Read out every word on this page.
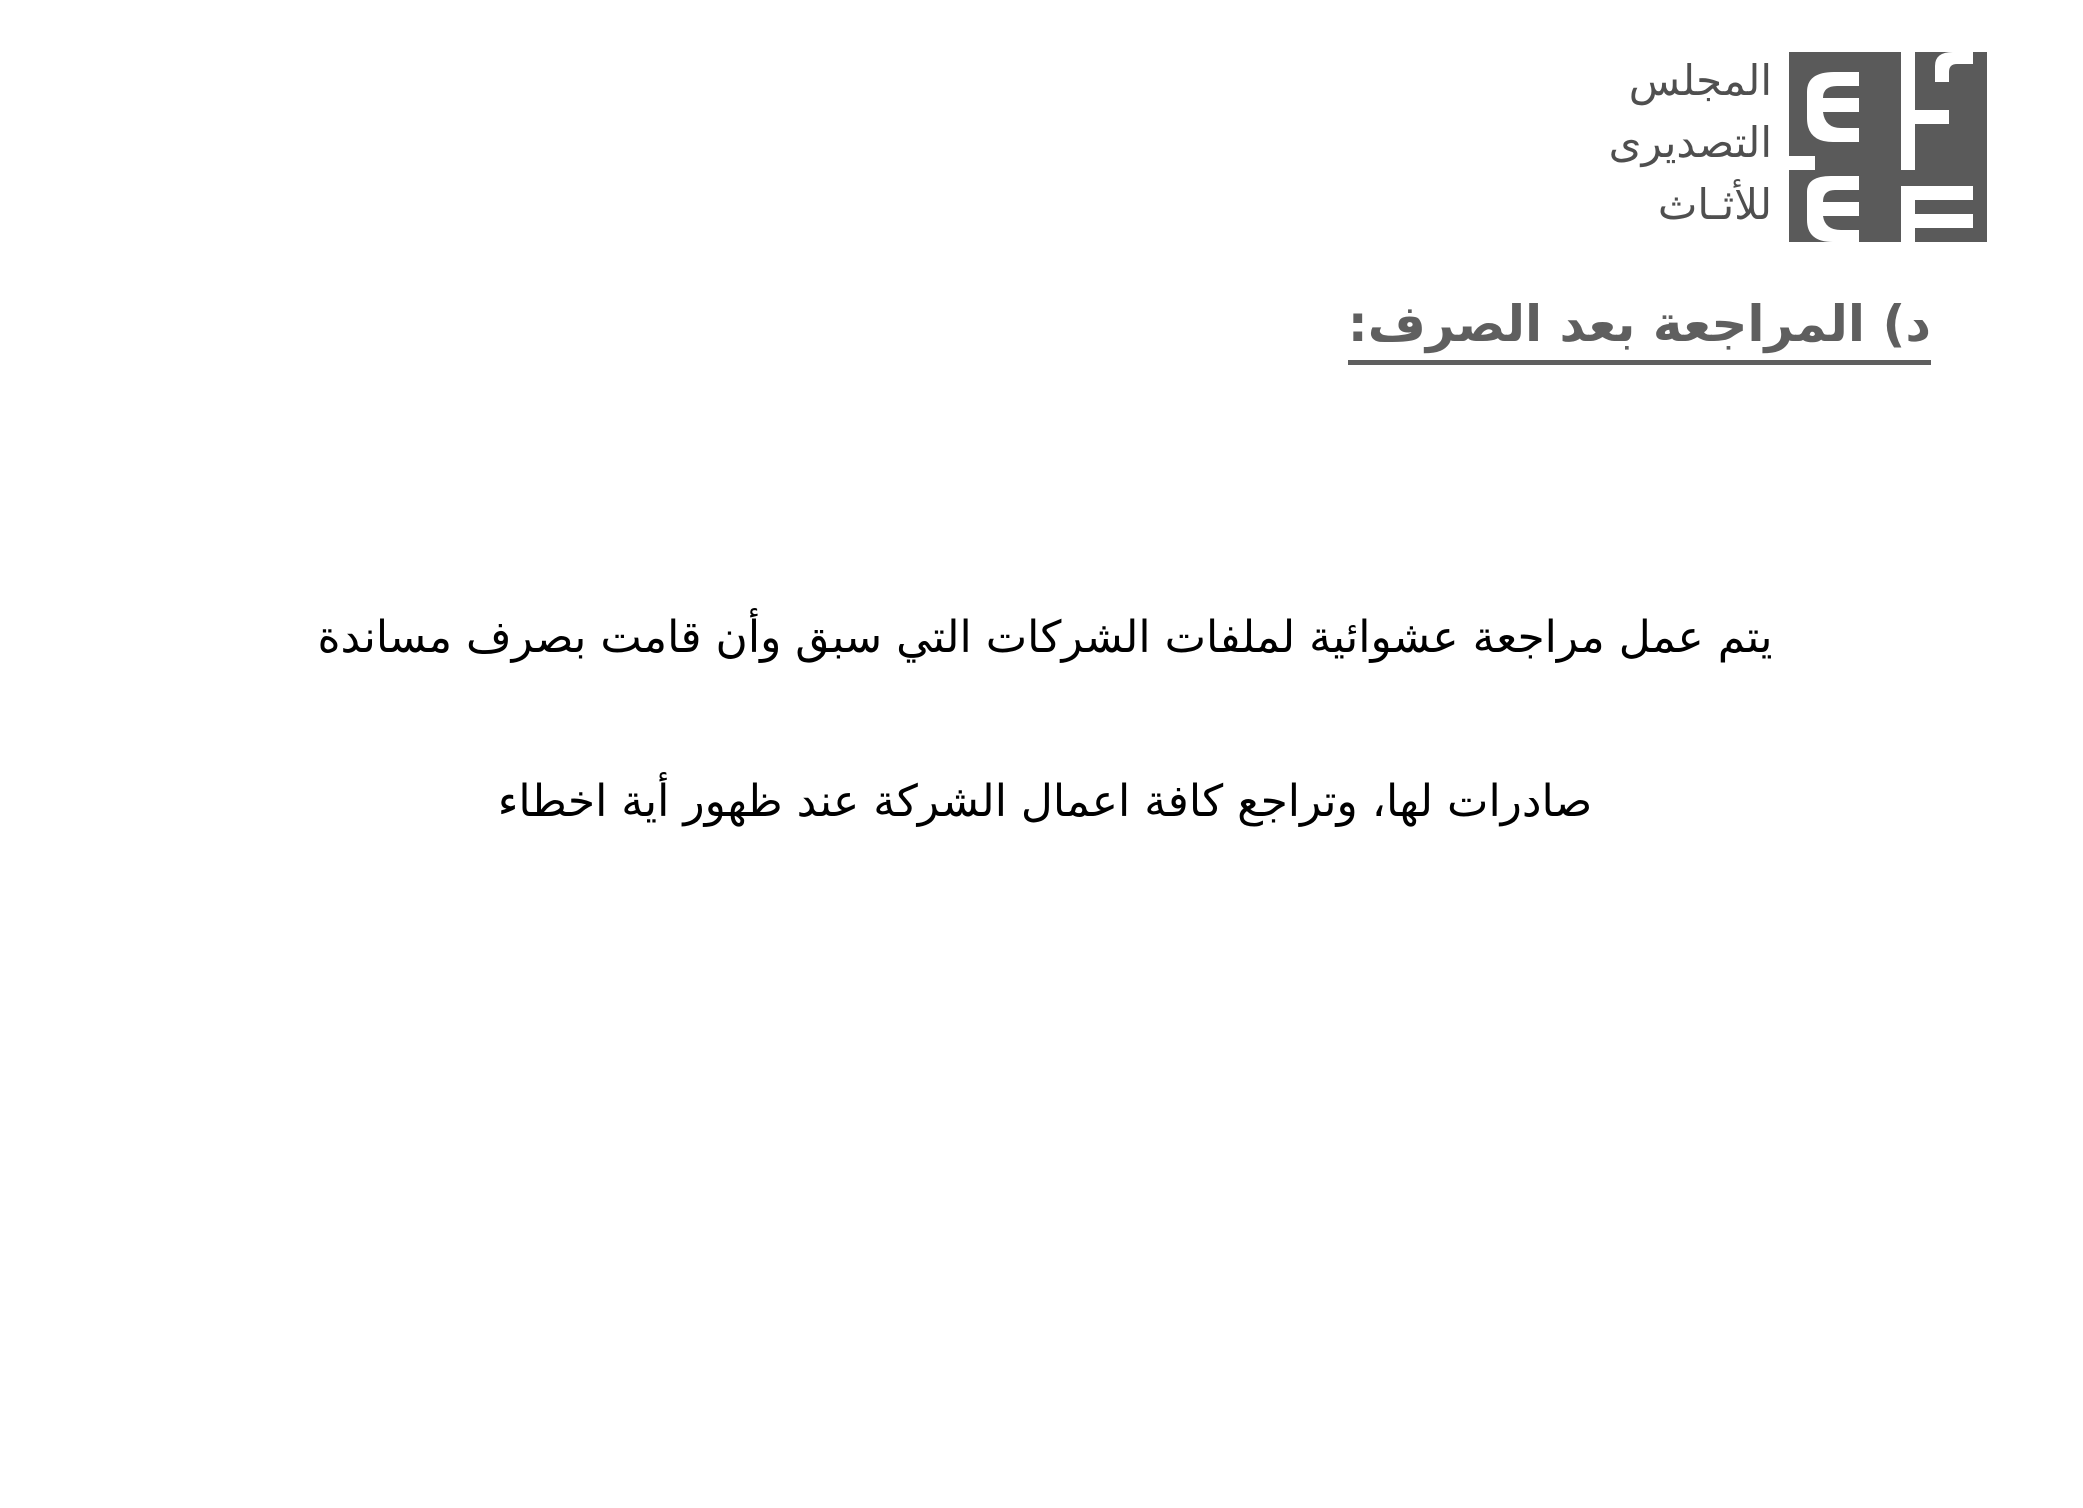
المجلس
التصديرى
للأثـاث
د) المراجعة بعد الصرف:
يتم عمل مراجعة عشوائية لملفات الشركات التي سبق وأن قامت بصرف مساندة
صادرات لها، وتراجع كافة اعمال الشركة عند ظهور أية اخطاء
